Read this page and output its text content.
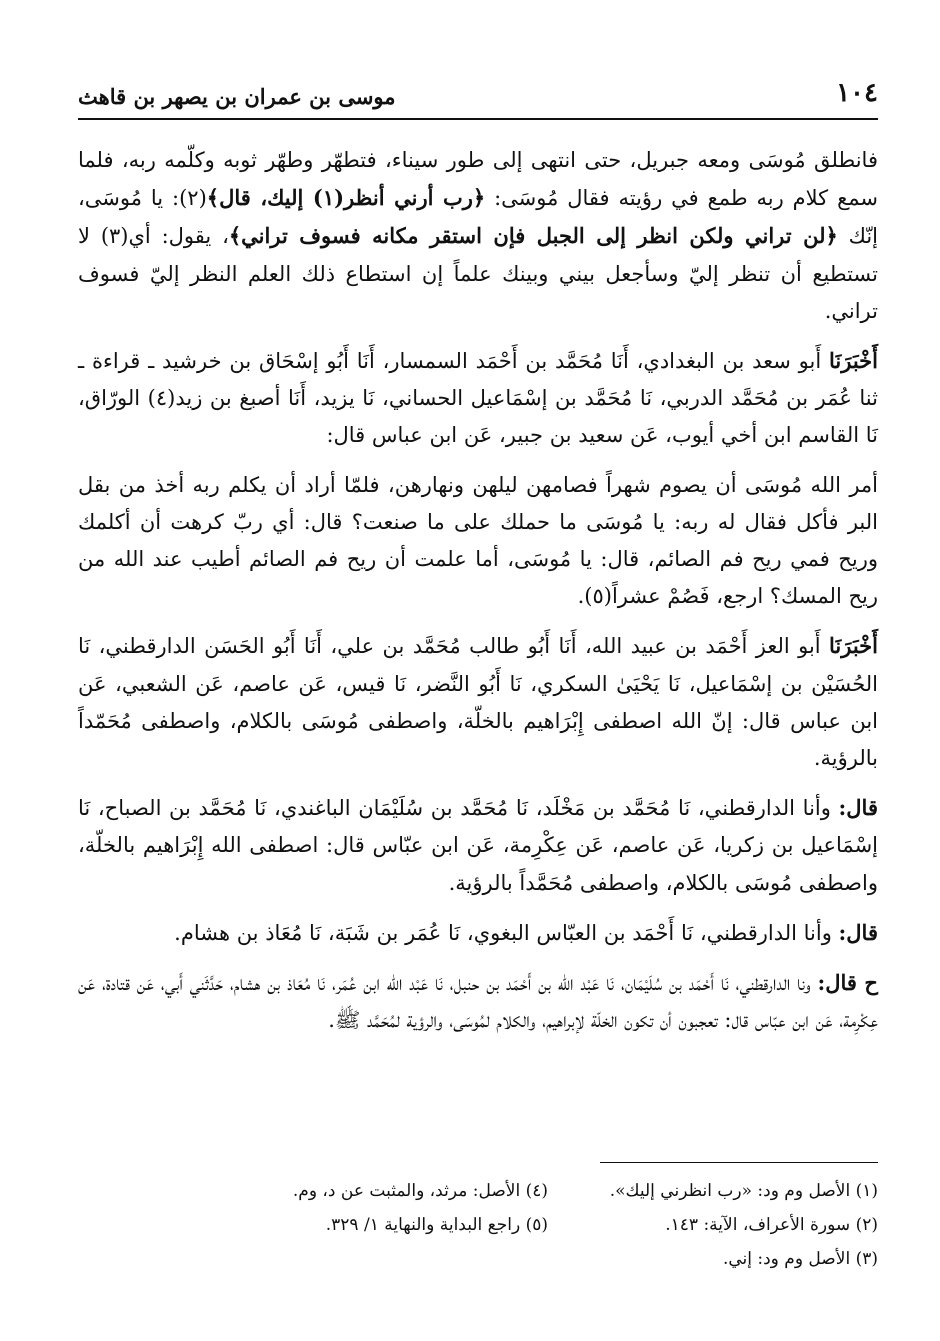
١٠٤
موسى بن عمران بن يصهر بن قاهث

فانطلق مُوسَى ومعه جبريل، حتى انتهى إلى طور سيناء، فتطهّر وطهّر ثوبه وكلّمه ربه، فلما سمع كلام ربه طمع في رؤيته فقال مُوسَى: ﴿رب أرني أنظر(١) إليك، قال﴾(٢): يا مُوسَى، إنّك ﴿لن تراني ولكن انظر إلى الجبل فإن استقر مكانه فسوف تراني﴾، يقول: أي(٣) لا تستطيع أن تنظر إليّ وسأجعل بيني وبينك علماً إن استطاع ذلك العلم النظر إليّ فسوف تراني.

أَخْبَرَنَا أَبو سعد بن البغدادي، أَنَا مُحَمَّد بن أَحْمَد السمسار، أَنَا أَبُو إسْحَاق بن خرشيد ـ قراءة ـ ثنا عُمَر بن مُحَمَّد الدربي، نَا مُحَمَّد بن إسْمَاعيل الحساني، نَا يزيد، أَنَا أصبغ بن زيد(٤) الورّاق، نَا القاسم ابن أخي أيوب، عَن سعيد بن جبير، عَن ابن عباس قال:

أمر الله مُوسَى أن يصوم شهراً فصامهن ليلهن ونهارهن، فلمّا أراد أن يكلم ربه أخذ من بقل البر فأكل فقال له ربه: يا مُوسَى ما حملك على ما صنعت؟ قال: أي ربّ كرهت أن أكلمك وريح فمي ريح فم الصائم، قال: يا مُوسَى، أما علمت أن ريح فم الصائم أطيب عند الله من ريح المسك؟ ارجع، فَصُمْ عشراً(٥).

أَخْبَرَنَا أَبو العز أَحْمَد بن عبيد الله، أَنَا أَبُو طالب مُحَمَّد بن علي، أَنَا أَبُو الحَسَن الدارقطني، نَا الحُسَيْن بن إسْمَاعيل، نَا يَحْيَىٰ السكري، نَا أَبُو النَّضر، نَا قيس، عَن عاصم، عَن الشعبي، عَن ابن عباس قال: إنّ الله اصطفى إِبْرَاهيم بالخلّة، واصطفى مُوسَى بالكلام، واصطفى مُحَمّداً بالرؤية.

قال: وأنا الدارقطني، نَا مُحَمَّد بن مَخْلَد، نَا مُحَمَّد بن سُلَيْمَان الباغندي، نَا مُحَمَّد بن الصباح، نَا إسْمَاعيل بن زكريا، عَن عاصم، عَن عِكْرِمة، عَن ابن عبّاس قال: اصطفى الله إِبْرَاهيم بالخلّة، واصطفى مُوسَى بالكلام، واصطفى مُحَمَّداً بالرؤية.

قال: وأنا الدارقطني، نَا أَحْمَد بن العبّاس البغوي، نَا عُمَر بن شَبَة، نَا مُعَاذ بن هشام.

ح قال: ونا الدارقطني، نَا أَحْمَد بن سُلَيْمَان، نَا عَبْد اللّه بن أَحْمَد بن حنبل، نَا عَبْد اللّه ابن عُمَر، نَا مُعَاذ بن هشام، حَدَّثَني أَبي، عَن قتادة، عَن عِكْرِمة، عَن ابن عبّاس قال: تعجبون أن تكون الخلّة لإبراهيم، والكلام لمُوسَى، والرؤية لمُحَمَّد ﷺ.

(١) الأصل وم ود: «رب انظرني إليك».
(٢) سورة الأعراف، الآية: ١٤٣.
(٣) الأصل وم ود: إني.
(٤) الأصل: مرثد، والمثبت عن د، وم.
(٥) راجع البداية والنهاية ١/ ٣٢٩.
